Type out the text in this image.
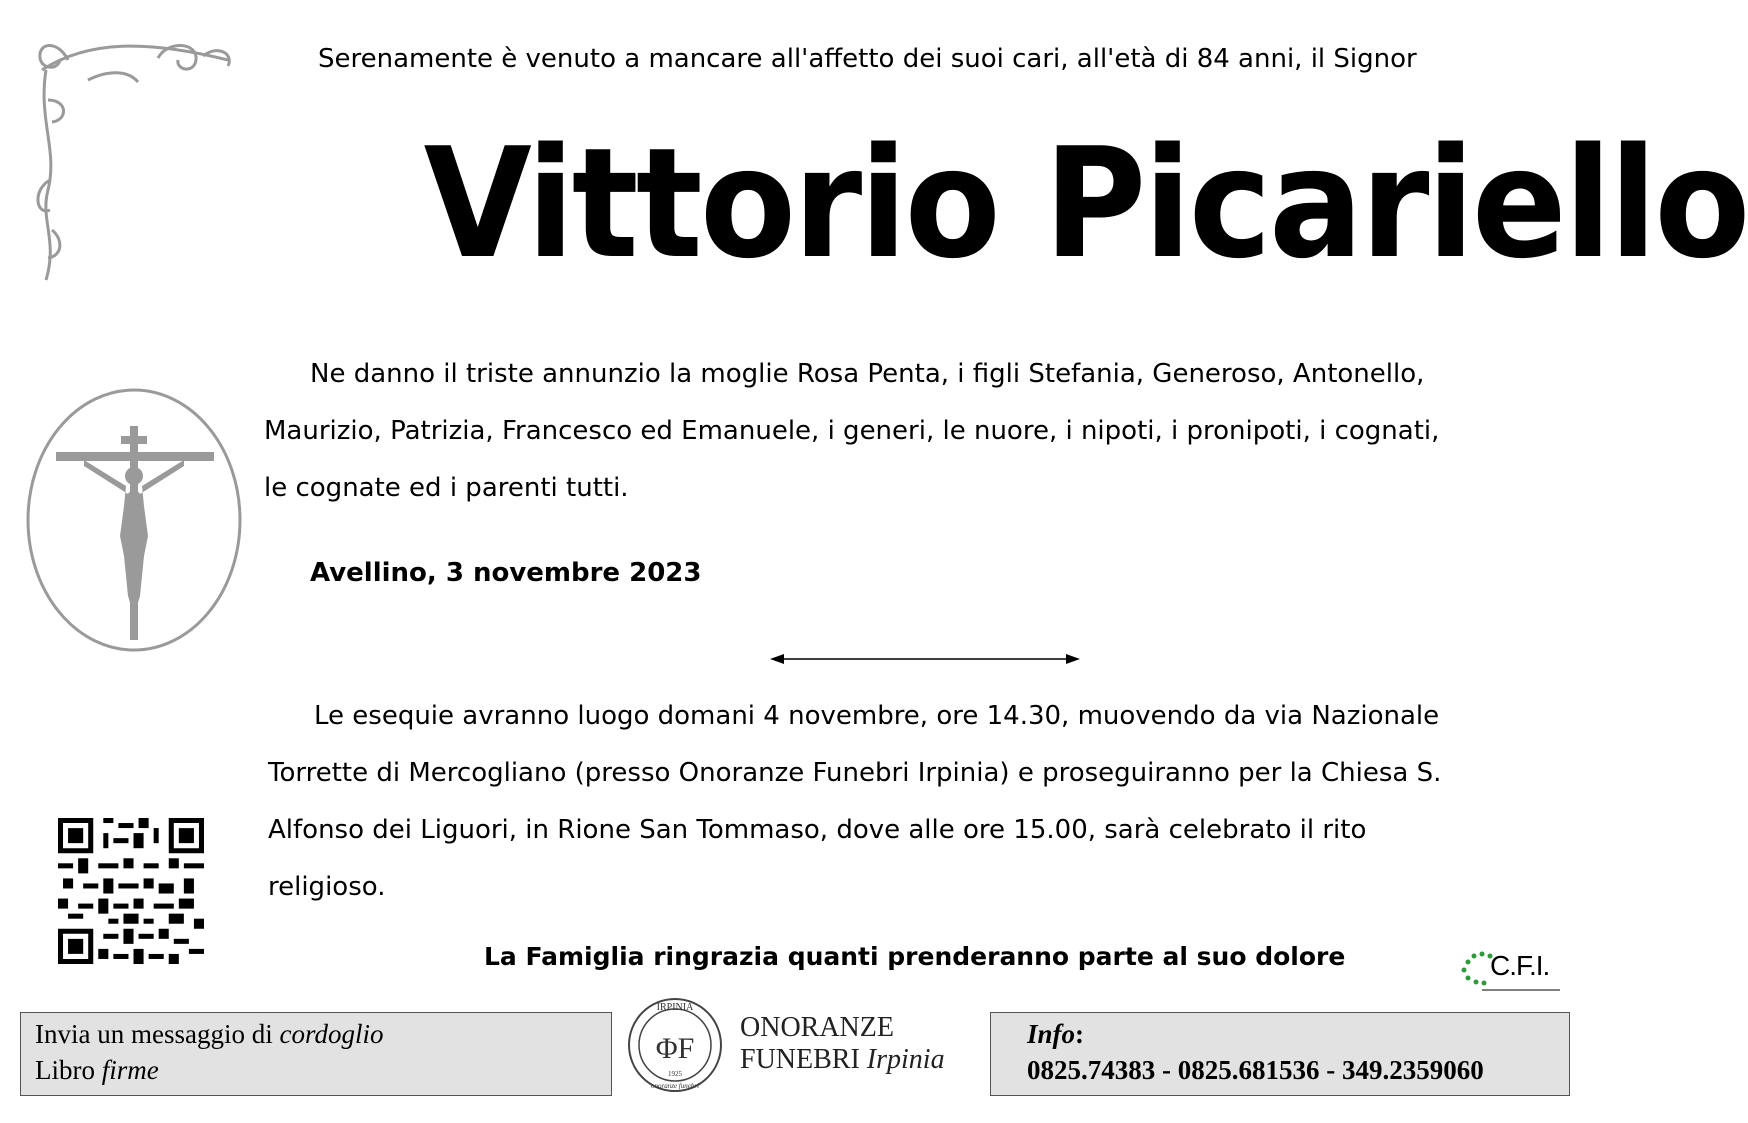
Serenamente è venuto a mancare all'affetto dei suoi cari, all'età di 84 anni, il Signor
Vittorio Picariello
Ne danno il triste annunzio la moglie Rosa Penta, i figli Stefania, Generoso, Antonello,
Maurizio, Patrizia, Francesco ed Emanuele, i generi, le nuore, i nipoti, i pronipoti, i cognati,
le cognate ed i parenti tutti.
Avellino, 3 novembre 2023
Le esequie avranno luogo domani 4 novembre, ore 14.30, muovendo da via Nazionale
Torrette di Mercogliano (presso Onoranze Funebri Irpinia) e proseguiranno per la Chiesa S.
Alfonso dei Liguori, in Rione San Tommaso, dove alle ore 15.00, sarà celebrato il rito
religioso.
La Famiglia ringrazia quanti prenderanno parte al suo dolore	C.F.I.
Invia un messaggio di cordoglio
Libro firme
IRPINIA
ΦF
1925
onoranze funebri
ONORANZE
FUNEBRI Irpinia
Info:
0825.74383 - 0825.681536 - 349.2359060
